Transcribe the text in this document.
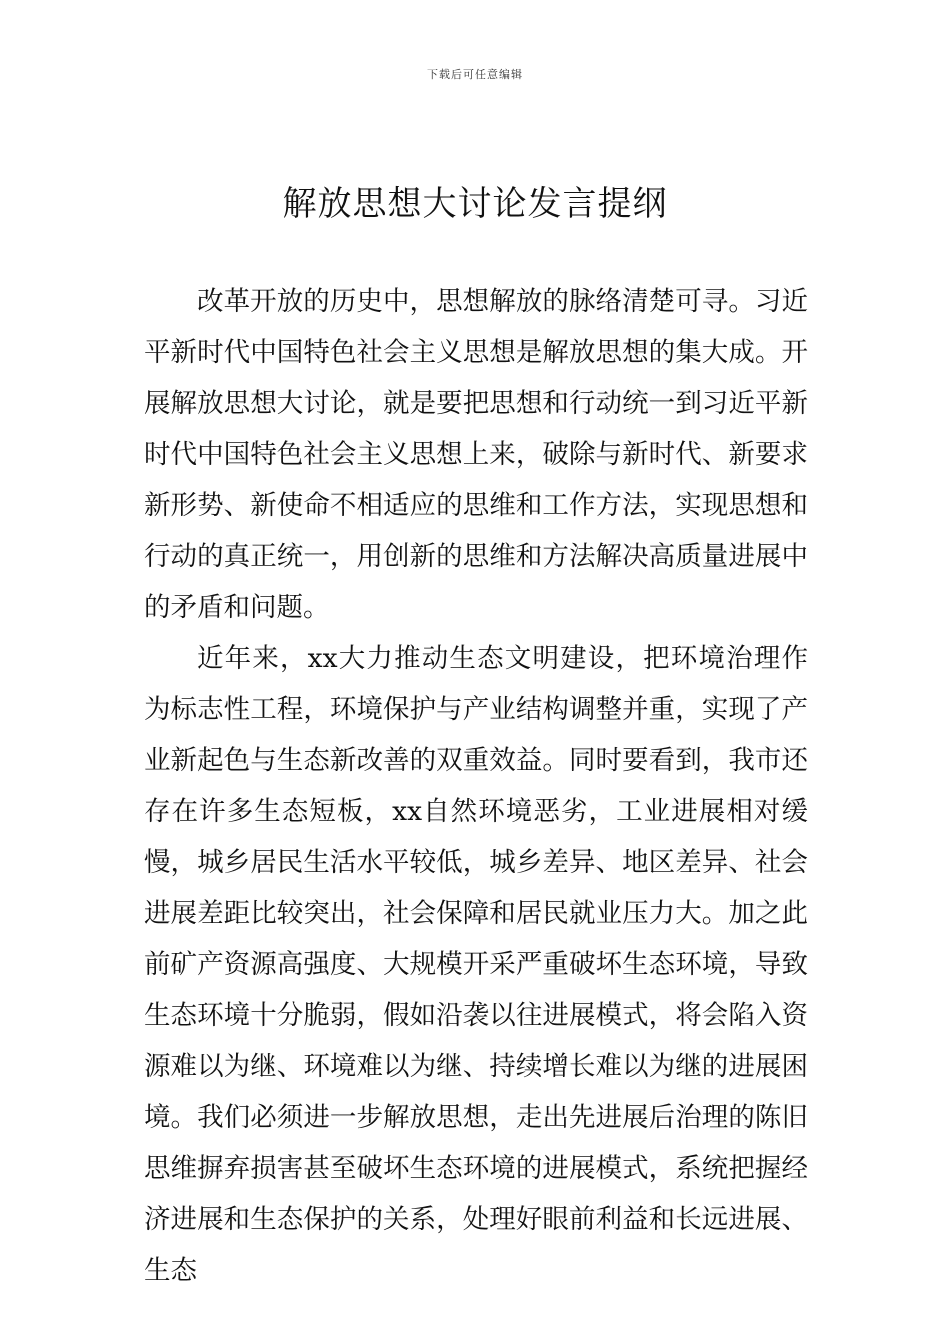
下载后可任意编辑
解放思想大讨论发言提纲

改革开放的历史中，思想解放的脉络清楚可寻。习近平新时代中国特色社会主义思想是解放思想的集大成。开展解放思想大讨论，就是要把思想和行动统一到习近平新时代中国特色社会主义思想上来，破除与新时代、新要求新形势、新使命不相适应的思维和工作方法，实现思想和行动的真正统一，用创新的思维和方法解决高质量进展中的矛盾和问题。

近年来，xx大力推动生态文明建设，把环境治理作为标志性工程，环境保护与产业结构调整并重，实现了产业新起色与生态新改善的双重效益。同时要看到，我市还存在许多生态短板，xx自然环境恶劣，工业进展相对缓慢，城乡居民生活水平较低，城乡差异、地区差异、社会进展差距比较突出，社会保障和居民就业压力大。加之此前矿产资源高强度、大规模开采严重破坏生态环境，导致生态环境十分脆弱，假如沿袭以往进展模式，将会陷入资源难以为继、环境难以为继、持续增长难以为继的进展困境。我们必须进一步解放思想，走出先进展后治理的陈旧思维摒弃损害甚至破坏生态环境的进展模式，系统把握经济进展和生态保护的关系，处理好眼前利益和长远进展、生态
